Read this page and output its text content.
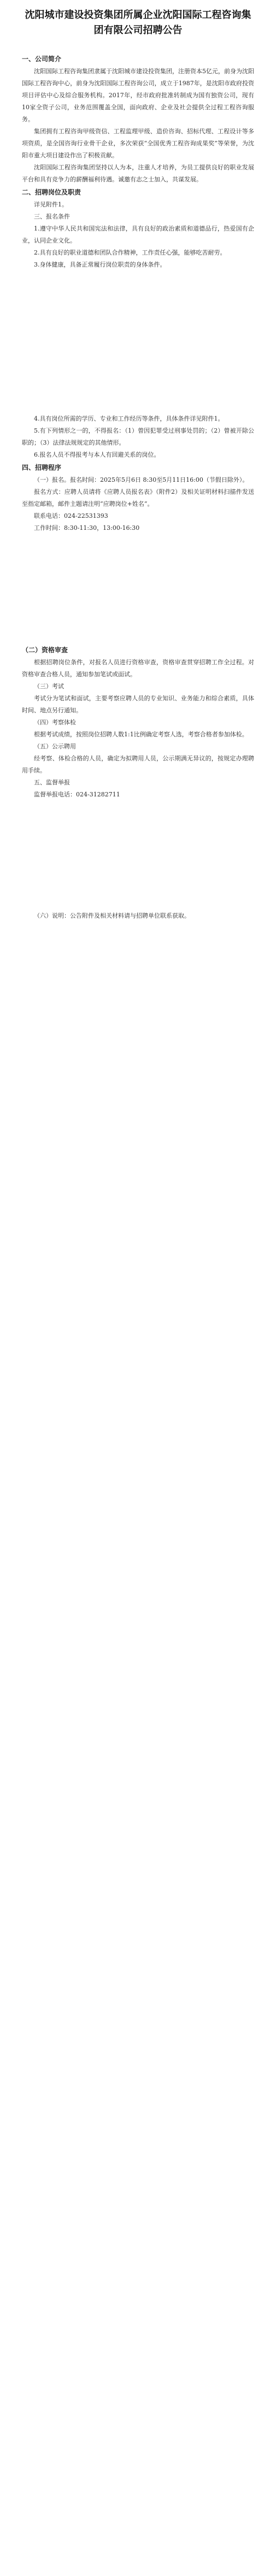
沈阳城市建设投资集团所属企业沈阳国际工程咨询集团有限公司招聘公告

一、公司简介

沈阳国际工程咨询集团隶属于沈阳城市建设投资集团，注册资本5亿元，前身为沈阳国际工程咨询中心，前身为沈阳国际工程咨询公司，成立于1987年，是沈阳市政府投资项目评估中心及综合服务机构。2017年，经市政府批准转制成为国有独资公司，现有10家全资子公司，业务范围覆盖全国，面向政府、企业及社会提供全过程工程咨询服务。

集团拥有工程咨询甲级资信、工程监理甲级、造价咨询、招标代理、工程设计等多项资质，是全国咨询行业骨干企业，多次荣获“全国优秀工程咨询成果奖”等荣誉，为沈阳市重大项目建设作出了积极贡献。

沈阳国际工程咨询集团坚持以人为本，注重人才培养，为员工提供良好的职业发展平台和具有竞争力的薪酬福利待遇。诚邀有志之士加入，共谋发展。

二、招聘岗位及职责

详见附件1。

三、报名条件

1.遵守中华人民共和国宪法和法律，具有良好的政治素质和道德品行，热爱国有企业，认同企业文化。

2.具有良好的职业道德和团队合作精神，工作责任心强，能够吃苦耐劳。

3.身体健康，具备正常履行岗位职责的身体条件。

4.具有岗位所需的学历、专业和工作经历等条件，具体条件详见附件1。

5.有下列情形之一的，不得报名：（1）曾因犯罪受过刑事处罚的；（2）曾被开除公职的；（3）法律法规规定的其他情形。

6.报名人员不得报考与本人有回避关系的岗位。

四、招聘程序

（一）报名。报名时间：2025年5月6日 8:30至5月11日16:00（节假日除外）。

报名方式：应聘人员请将《应聘人员报名表》（附件2）及相关证明材料扫描件发送至指定邮箱，邮件主题请注明“应聘岗位+姓名”。

联系电话：024-22531393

工作时间：8:30-11:30，13:00-16:30

（二）资格审查

根据招聘岗位条件，对报名人员进行资格审查，资格审查贯穿招聘工作全过程。对资格审查合格人员，通知参加笔试或面试。

（三）考试

考试分为笔试和面试，主要考察应聘人员的专业知识、业务能力和综合素质，具体时间、地点另行通知。

（四）考察体检

根据考试成绩，按照岗位招聘人数1:1比例确定考察人选，考察合格者参加体检。

（五）公示聘用

经考察、体检合格的人员，确定为拟聘用人员，公示期满无异议的，按规定办理聘用手续。

五、监督举报

监督举报电话：024-31282711

（六）说明：公告附件及相关材料请与招聘单位联系获取。
